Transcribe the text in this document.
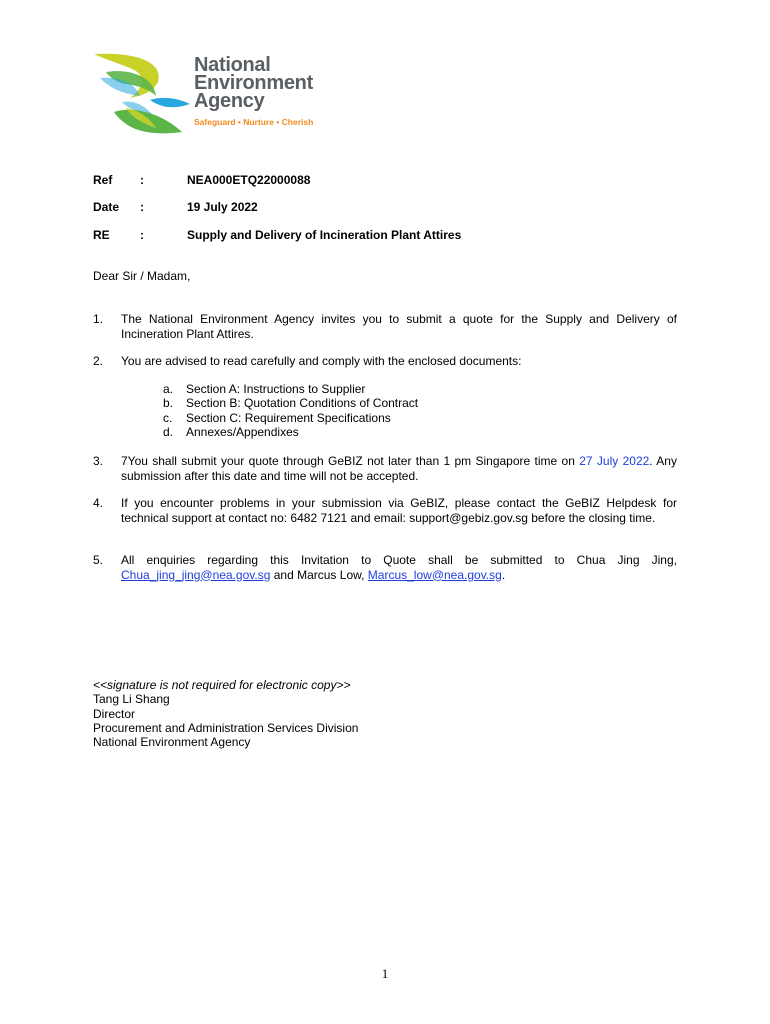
National
Environment
Agency
Safeguard • Nurture • Cherish
Ref :	NEA000ETQ22000088
Date :	19 July 2022
RE	:	Supply and Delivery of Incineration Plant Attires
Dear Sir / Madam,
1. The National Environment Agency invites you to submit a quote for the Supply and Delivery of Incineration Plant Attires.
2. You are advised to read carefully and comply with the enclosed documents:
a. Section A: Instructions to Supplier
b. Section B: Quotation Conditions of Contract
c. Section C: Requirement Specifications
d. Annexes/Appendixes
3. 7You shall submit your quote through GeBIZ not later than 1 pm Singapore time on 27 July 2022. Any submission after this date and time will not be accepted.
4. If you encounter problems in your submission via GeBIZ, please contact the GeBIZ Helpdesk for technical support at contact no: 6482 7121 and email: support@gebiz.gov.sg before the closing time.
5. All enquiries regarding this Invitation to Quote shall be submitted to Chua Jing Jing, Chua_jing_jing@nea.gov.sg and Marcus Low, Marcus_low@nea.gov.sg.
<<signature is not required for electronic copy>>
Tang Li Shang
Director
Procurement and Administration Services Division
National Environment Agency
1
